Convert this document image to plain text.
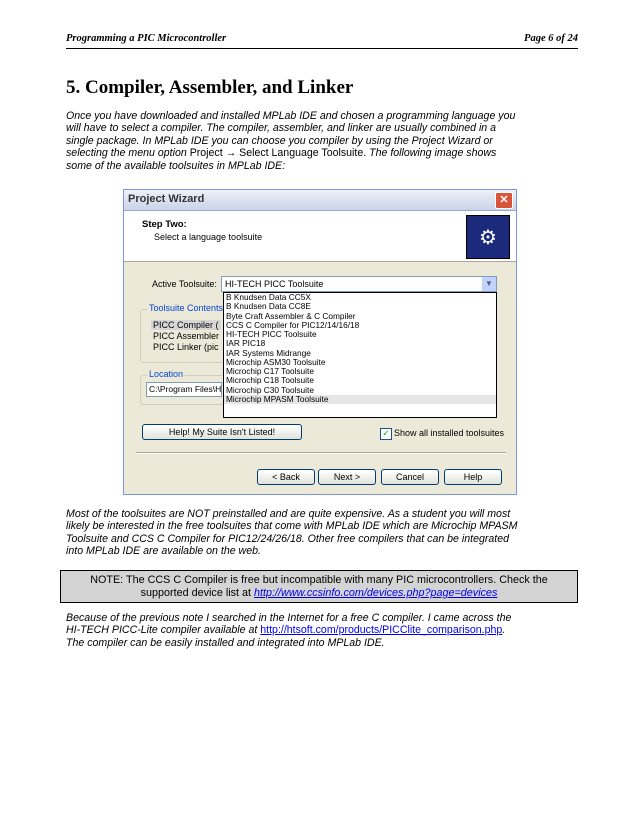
Programming a PIC Microcontroller	Page 6 of 24
5. Compiler, Assembler, and Linker
Once you have downloaded and installed MPLab IDE and chosen a programming language you
will have to select a compiler. The compiler, assembler, and linker are usually combined in a
single package. In MPLab IDE you can choose you compiler by using the Project Wizard or
selecting the menu option Project → Select Language Toolsuite. The following image shows
some of the available toolsuites in MPLab IDE:
Project Wizard	✕
Step Two:
Select a language toolsuite	⚙
Active Toolsuite: HI-TECH PICC Toolsuite	▼
Toolsuite Contents
PICC Compiler (
PICC Assembler
PICC Linker (pic
Location
C:\Program Files\H
B Knudsen Data CC5X
B Knudsen Data CC8E
Byte Craft Assembler & C Compiler
CCS C Compiler for PIC12/14/16/18
HI-TECH PICC Toolsuite
IAR PIC18
IAR Systems Midrange
Microchip ASM30 Toolsuite
Microchip C17 Toolsuite
Microchip C18 Toolsuite
Microchip C30 Toolsuite
Microchip MPASM Toolsuite
Help! My Suite Isn't Listed!	✓ Show all installed toolsuites
< Back	Next >	Cancel	Help
Most of the toolsuites are NOT preinstalled and are quite expensive. As a student you will most
likely be interested in the free toolsuites that come with MPLab IDE which are Microchip MPASM
Toolsuite and CCS C Compiler for PIC12/24/26/18. Other free compilers that can be integrated
into MPLab IDE are available on the web.
NOTE: The CCS C Compiler is free but incompatible with many PIC microcontrollers. Check the
supported device list at http://www.ccsinfo.com/devices.php?page=devices
Because of the previous note I searched in the Internet for a free C compiler. I came across the
HI-TECH PICC-Lite compiler available at http://htsoft.com/products/PICClite_comparison.php.
The compiler can be easily installed and integrated into MPLab IDE.
